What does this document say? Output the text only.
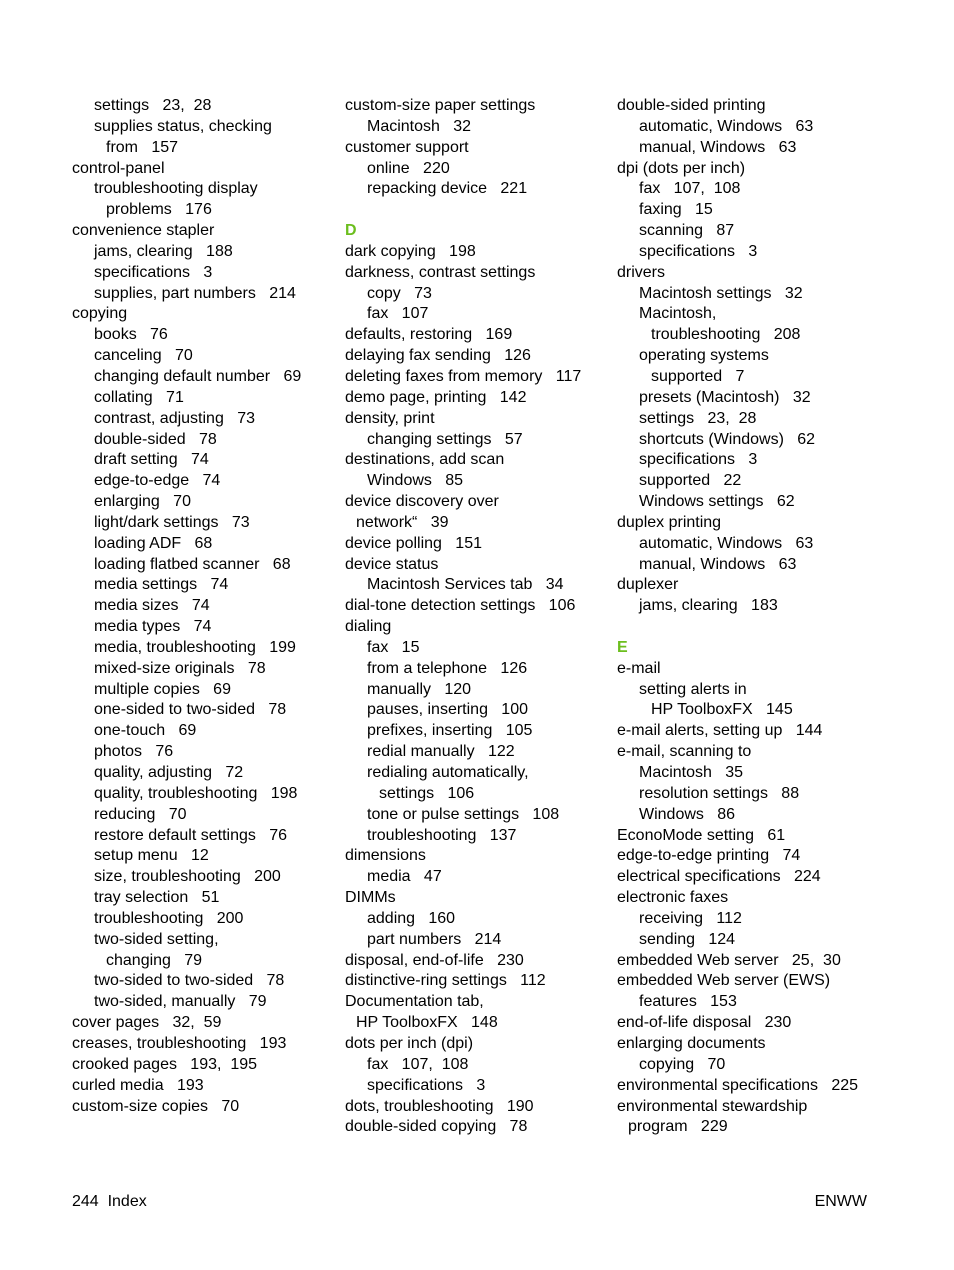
settings   23,  28
supplies status, checking
from   157
control-panel
troubleshooting display
problems   176
convenience stapler
jams, clearing   188
specifications   3
supplies, part numbers   214
copying
books   76
canceling   70
changing default number   69
collating   71
contrast, adjusting   73
double-sided   78
draft setting   74
edge-to-edge   74
enlarging   70
light/dark settings   73
loading ADF   68
loading flatbed scanner   68
media settings   74
media sizes   74
media types   74
media, troubleshooting   199
mixed-size originals   78
multiple copies   69
one-sided to two-sided   78
one-touch   69
photos   76
quality, adjusting   72
quality, troubleshooting   198
reducing   70
restore default settings   76
setup menu   12
size, troubleshooting   200
tray selection   51
troubleshooting   200
two-sided setting,
changing   79
two-sided to two-sided   78
two-sided, manually   79
cover pages   32,  59
creases, troubleshooting   193
crooked pages   193,  195
curled media   193
custom-size copies   70
custom-size paper settings
Macintosh   32
customer support
online   220
repacking device   221
D
dark copying   198
darkness, contrast settings
copy   73
fax   107
defaults, restoring   169
delaying fax sending   126
deleting faxes from memory   117
demo page, printing   142
density, print
changing settings   57
destinations, add scan
Windows   85
device discovery over
network“   39
device polling   151
device status
Macintosh Services tab   34
dial-tone detection settings   106
dialing
fax   15
from a telephone   126
manually   120
pauses, inserting   100
prefixes, inserting   105
redial manually   122
redialing automatically,
settings   106
tone or pulse settings   108
troubleshooting   137
dimensions
media   47
DIMMs
adding   160
part numbers   214
disposal, end-of-life   230
distinctive-ring settings   112
Documentation tab,
HP ToolboxFX   148
dots per inch (dpi)
fax   107,  108
specifications   3
dots, troubleshooting   190
double-sided copying   78
double-sided printing
automatic, Windows   63
manual, Windows   63
dpi (dots per inch)
fax   107,  108
faxing   15
scanning   87
specifications   3
drivers
Macintosh settings   32
Macintosh,
troubleshooting   208
operating systems
supported   7
presets (Macintosh)   32
settings   23,  28
shortcuts (Windows)   62
specifications   3
supported   22
Windows settings   62
duplex printing
automatic, Windows   63
manual, Windows   63
duplexer
jams, clearing   183
E
e-mail
setting alerts in
HP ToolboxFX   145
e-mail alerts, setting up   144
e-mail, scanning to
Macintosh   35
resolution settings   88
Windows   86
EconoMode setting   61
edge-to-edge printing   74
electrical specifications   224
electronic faxes
receiving   112
sending   124
embedded Web server   25,  30
embedded Web server (EWS)
features   153
end-of-life disposal   230
enlarging documents
copying   70
environmental specifications   225
environmental stewardship
program   229
244  Index	ENWW
